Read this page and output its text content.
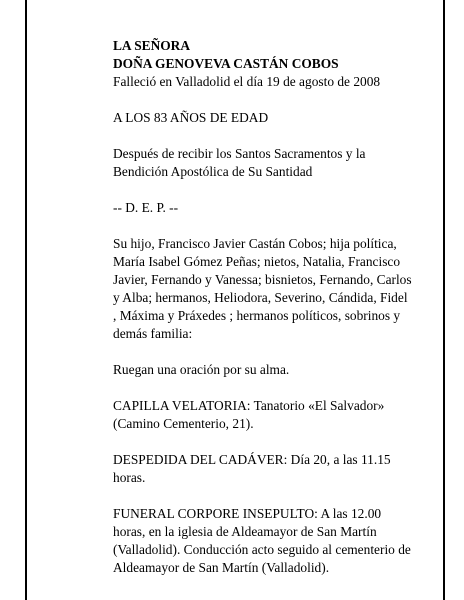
LA SEÑORA

DOÑA GENOVEVA CASTÁN COBOS

Falleció en Valladolid el día 19 de agosto de 2008

A LOS 83 AÑOS DE EDAD

Después de recibir los Santos Sacramentos y la Bendición Apostólica de Su Santidad

-- D. E. P. --

Su hijo, Francisco Javier Castán Cobos; hija política, María Isabel Gómez Peñas; nietos, Natalia, Francisco Javier, Fernando y Vanessa; bisnietos, Fernando, Carlos y Alba; hermanos, Heliodora, Severino, Cándida, Fidel , Máxima y Práxedes ; hermanos políticos, sobrinos y demás familia:

Ruegan una oración por su alma.

CAPILLA VELATORIA: Tanatorio «El Salvador» (Camino Cementerio, 21).

DESPEDIDA DEL CADÁVER: Día 20, a las 11.15 horas.

FUNERAL CORPORE INSEPULTO: A las 12.00 horas, en la iglesia de Aldeamayor de San Martín (Valladolid). Conducción acto seguido al cementerio de Aldeamayor de San Martín (Valladolid).
